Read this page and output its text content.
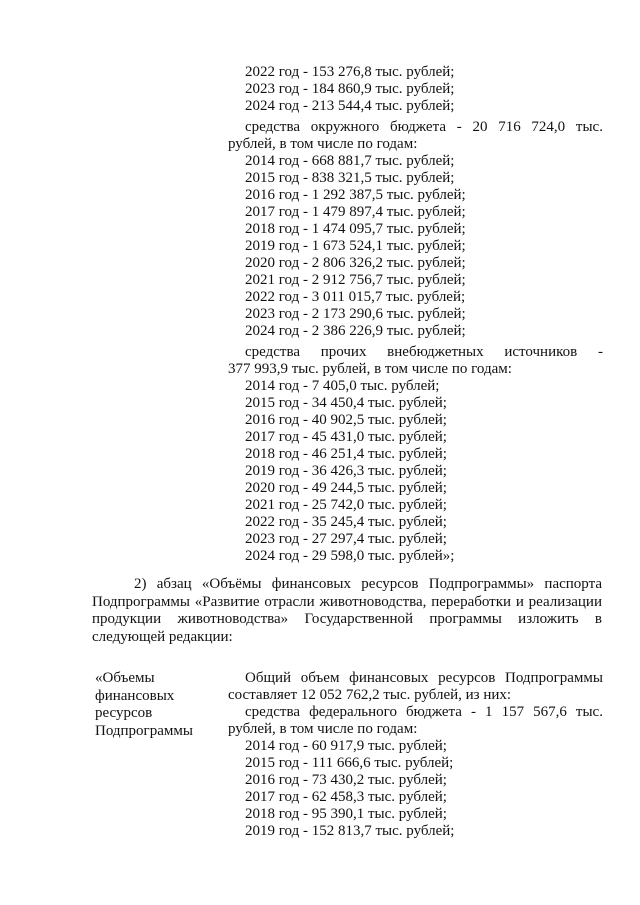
2022 год - 153 276,8 тыс. рублей;
2023 год - 184 860,9 тыс. рублей;
2024 год - 213 544,4 тыс. рублей;
средства окружного бюджета - 20 716 724,0 тыс.
рублей, в том числе по годам:
2014 год - 668 881,7 тыс. рублей;
2015 год - 838 321,5 тыс. рублей;
2016 год - 1 292 387,5 тыс. рублей;
2017 год - 1 479 897,4 тыс. рублей;
2018 год - 1 474 095,7 тыс. рублей;
2019 год - 1 673 524,1 тыс. рублей;
2020 год - 2 806 326,2 тыс. рублей;
2021 год - 2 912 756,7 тыс. рублей;
2022 год - 3 011 015,7 тыс. рублей;
2023 год - 2 173 290,6 тыс. рублей;
2024 год - 2 386 226,9 тыс. рублей;
средства прочих внебюджетных источников -
377 993,9 тыс. рублей, в том числе по годам:
2014 год - 7 405,0 тыс. рублей;
2015 год - 34 450,4 тыс. рублей;
2016 год - 40 902,5 тыс. рублей;
2017 год - 45 431,0 тыс. рублей;
2018 год - 46 251,4 тыс. рублей;
2019 год - 36 426,3 тыс. рублей;
2020 год - 49 244,5 тыс. рублей;
2021 год - 25 742,0 тыс. рублей;
2022 год - 35 245,4 тыс. рублей;
2023 год - 27 297,4 тыс. рублей;
2024 год - 29 598,0 тыс. рублей»;
2) абзац «Объёмы финансовых ресурсов Подпрограммы» паспорта Подпрограммы «Развитие отрасли животноводства, переработки и реализации продукции животноводства» Государственной программы изложить в следующей редакции:
«Объемы
финансовых
ресурсов
Подпрограммы
Общий объем финансовых ресурсов Подпрограммы
составляет 12 052 762,2 тыс. рублей, из них:
средства федерального бюджета - 1 157 567,6 тыс.
рублей, в том числе по годам:
2014 год - 60 917,9 тыс. рублей;
2015 год - 111 666,6 тыс. рублей;
2016 год - 73 430,2 тыс. рублей;
2017 год - 62 458,3 тыс. рублей;
2018 год - 95 390,1 тыс. рублей;
2019 год - 152 813,7 тыс. рублей;
